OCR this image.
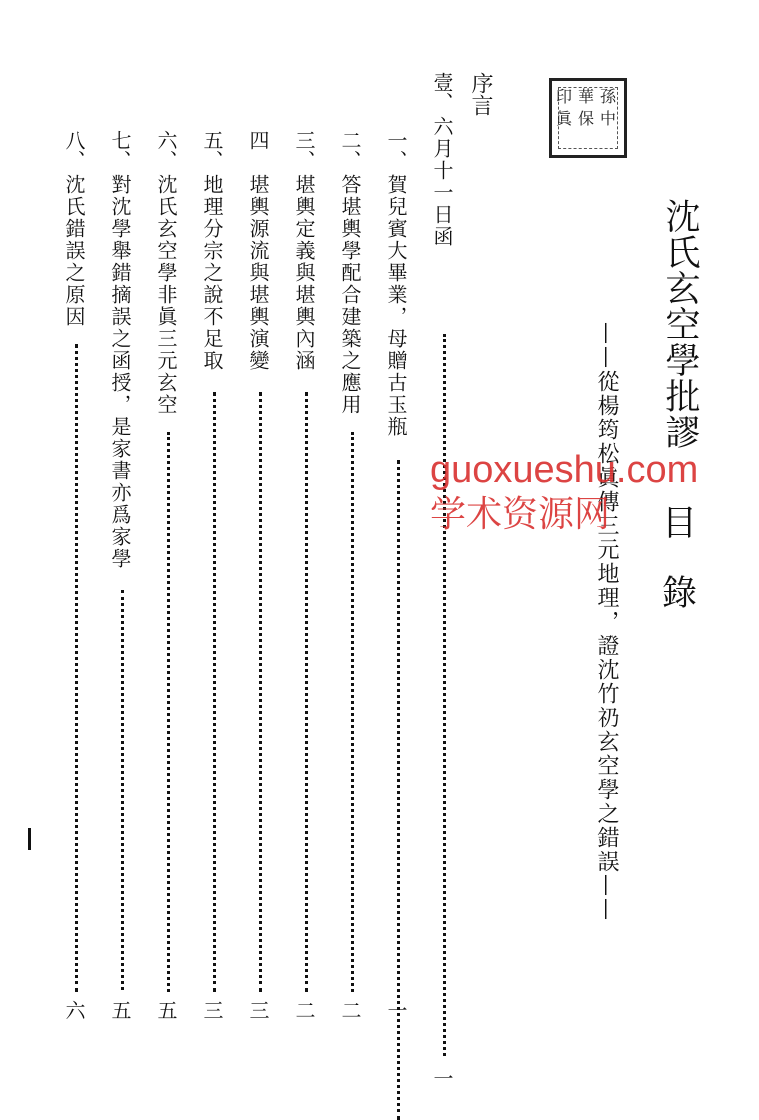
孫
中
華
保
印
眞
沈氏玄空學批謬
目
錄
——從楊筠松眞傳三元地理，證沈竹礽玄空學之錯誤——
序言
壹、
六月十一日函
一
一、
賀兒賓大畢業，母贈古玉瓶
一
二、
答堪輿學配合建築之應用
二
三、
堪輿定義與堪輿內涵
二
四
堪輿源流與堪輿演變
三
五、
地理分宗之說不足取
三
六、
沈氏玄空學非眞三元玄空
五
七、
對沈學舉錯摘誤之函授，是家書亦爲家學
五
八、
沈氏錯誤之原因
六
guoxueshu.com
学术资源网
